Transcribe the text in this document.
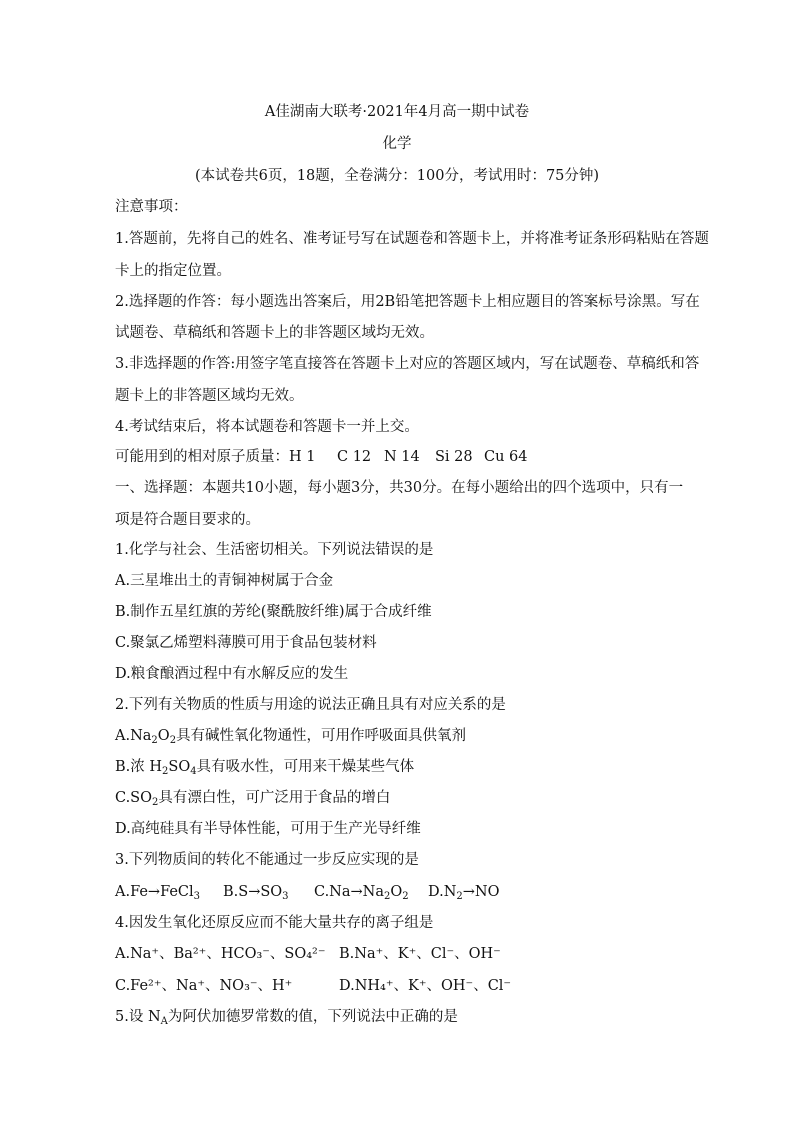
A佳湖南大联考·2021年4月高一期中试卷
化学
(本试卷共6页，18题，全卷满分：100分，考试用时：75分钟)
注意事项：
1.答题前，先将自己的姓名、准考证号写在试题卷和答题卡上，并将准考证条形码粘贴在答题
卡上的指定位置。
2.选择题的作答：每小题选出答案后，用2B铅笔把答题卡上相应题目的答案标号涂黑。写在
试题卷、草稿纸和答题卡上的非答题区域均无效。
3.非选择题的作答:用签字笔直接答在答题卡上对应的答题区域内，写在试题卷、草稿纸和答
题卡上的非答题区域均无效。
4.考试结束后，将本试题卷和答题卡一并上交。
可能用到的相对原子质量：H 1 C 12 N 14 Si 28 Cu 64
一、选择题：本题共10小题，每小题3分，共30分。在每小题给出的四个选项中，只有一
项是符合题目要求的。
1.化学与社会、生活密切相关。下列说法错误的是
A.三星堆出土的青铜神树属于合金
B.制作五星红旗的芳纶(聚酰胺纤维)属于合成纤维
C.聚氯乙烯塑料薄膜可用于食品包装材料
D.粮食酿酒过程中有水解反应的发生
2.下列有关物质的性质与用途的说法正确且具有对应关系的是
$A.Na_2O_2$具有碱性氧化物通性，可用作呼吸面具供氧剂
B.浓 $H_2SO_4$具有吸水性，可用来干燥某些气体
$C.SO_2$具有漂白性，可广泛用于食品的增白
D.高纯硅具有半导体性能，可用于生产光导纤维
3.下列物质间的转化不能通过一步反应实现的是
A.Fe→FeCl$_3$ $B.S\to SO_3$ $C.Na\to Na_2O_2$ $D.N_2\to NO$
4.因发生氧化还原反应而不能大量共存的离子组是
A.Na⁺、Ba²⁺、HCO₃⁻、SO₄²⁻ B.Na⁺、K⁺、Cl⁻、OH⁻
C.Fe²⁺、Na⁺、NO₃⁻、H⁺	D.NH₄⁺、K⁺、OH⁻、Cl⁻
5.设 $N_A$为阿伏加德罗常数的值，下列说法中正确的是
